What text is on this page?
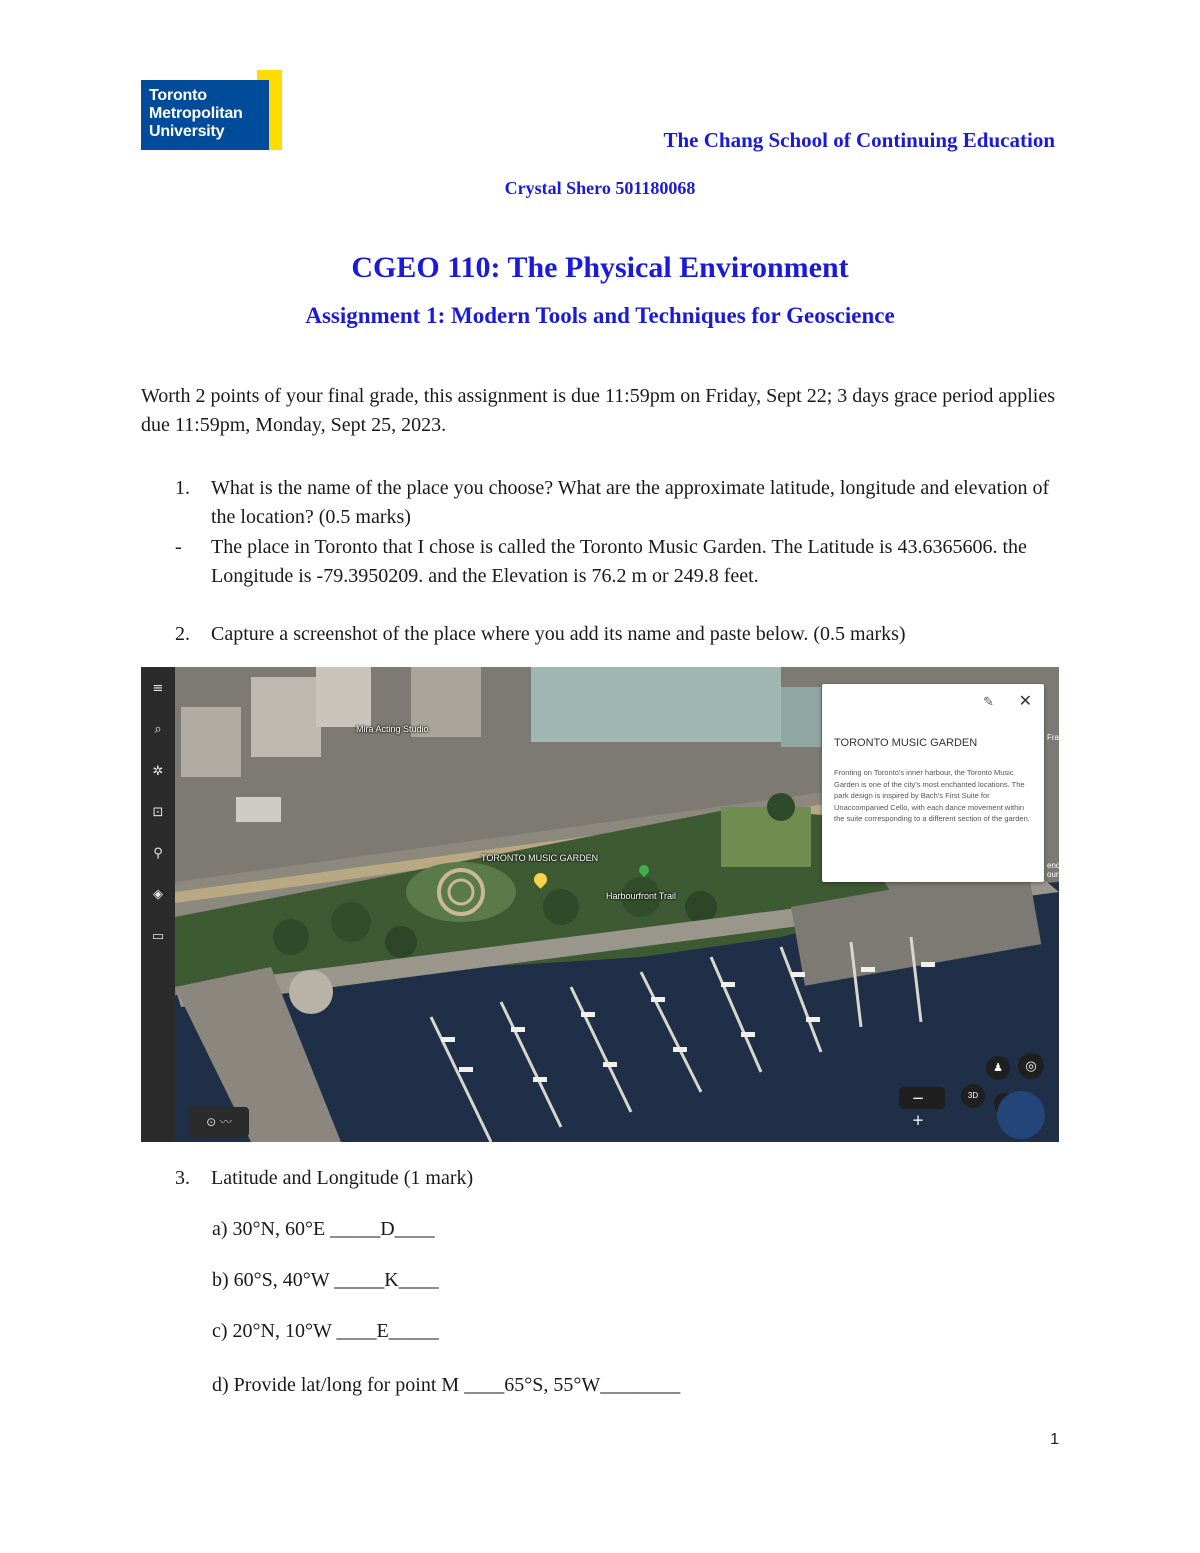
Toronto
Metropolitan
University	The Chang School of Continuing Education
Crystal Shero 501180068
CGEO 110: The Physical Environment
Assignment 1: Modern Tools and Techniques for Geoscience
Worth 2 points of your final grade, this assignment is due 11:59pm on Friday, Sept 22; 3 days grace period applies due 11:59pm, Monday, Sept 25, 2023.
1. What is the name of the place you choose? What are the approximate latitude, longitude and elevation of the location? (0.5 marks)
- The place in Toronto that I chose is called the Toronto Music Garden. The Latitude is 43.6365606. the Longitude is -79.3950209. and the Elevation is 76.2 m or 249.8 feet.
2. Capture a screenshot of the place where you add its name and paste below. (0.5 marks)
≡
⌕
✲
⊡
⚲
◈
▭
Mira Acting Studio
TORONTO MUSIC GARDEN
Harbourfront Trail
✎ ✕
TORONTO MUSIC GARDEN
Fronting on Toronto's inner harbour, the Toronto Music Garden is one of the city's most enchanted locations. The park design is inspired by Bach's First Suite for Unaccompanied Cello, with each dance movement within the suite corresponding to a different section of the garden.
Fra
ende
our
♟	◎
3D
− +
⊙ 〰
3. Latitude and Longitude (1 mark)
a) 30°N, 60°E _____D____
b) 60°S, 40°W _____K____
c) 20°N, 10°W ____E_____
d) Provide lat/long for point M ____65°S, 55°W________
1
